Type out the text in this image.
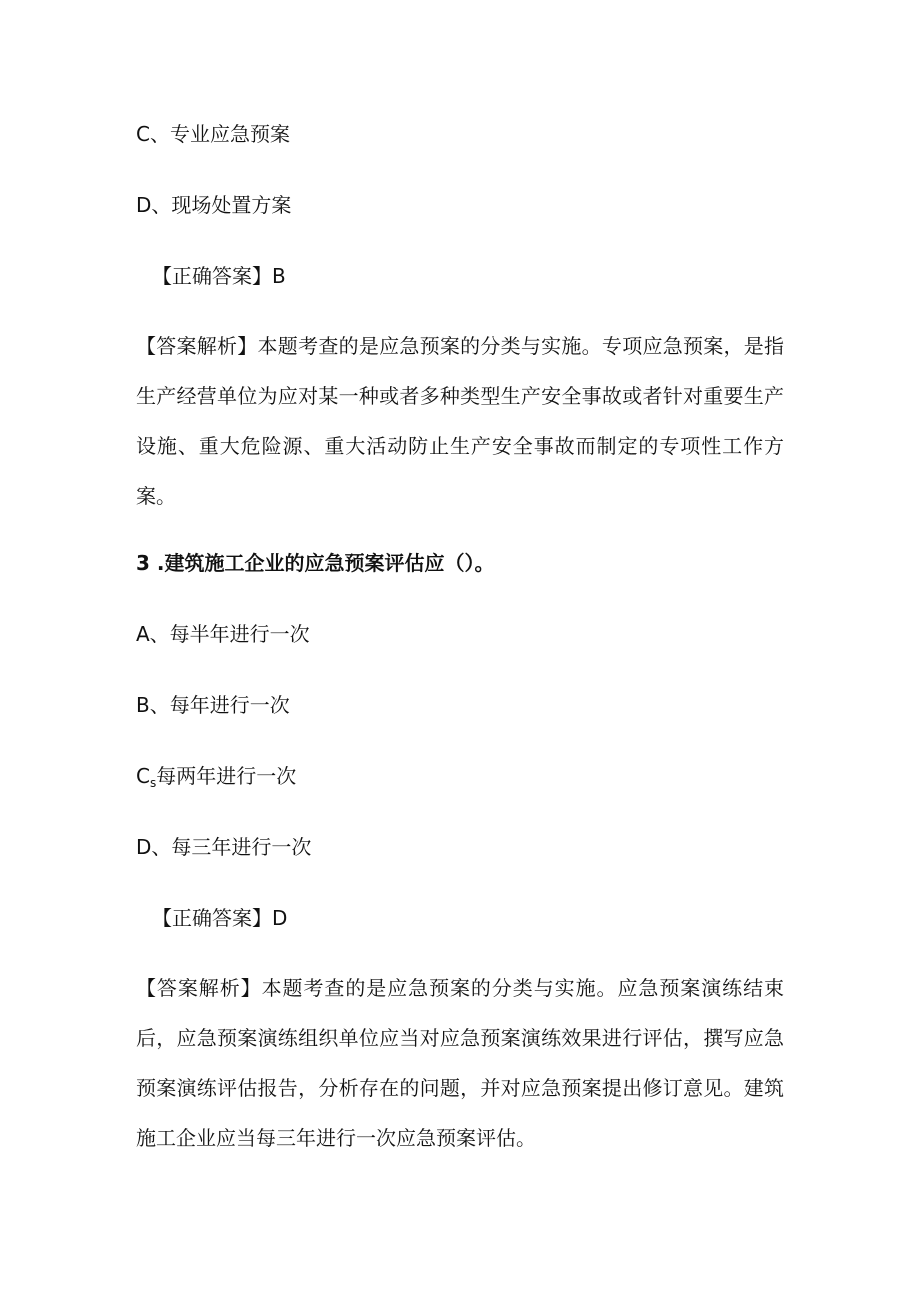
C、专业应急预案

D、现场处置方案

【正确答案】B

【答案解析】本题考查的是应急预案的分类与实施。专项应急预案，是指生产经营单位为应对某一种或者多种类型生产安全事故或者针对重要生产设施、重大危险源、重大活动防止生产安全事故而制定的专项性工作方案。

3 .建筑施工企业的应急预案评估应（）。

A、每半年进行一次

B、每年进行一次

$C_s$每两年进行一次

D、每三年进行一次

【正确答案】D

【答案解析】本题考查的是应急预案的分类与实施。应急预案演练结束后，应急预案演练组织单位应当对应急预案演练效果进行评估，撰写应急预案演练评估报告，分析存在的问题，并对应急预案提出修订意见。建筑施工企业应当每三年进行一次应急预案评估。
